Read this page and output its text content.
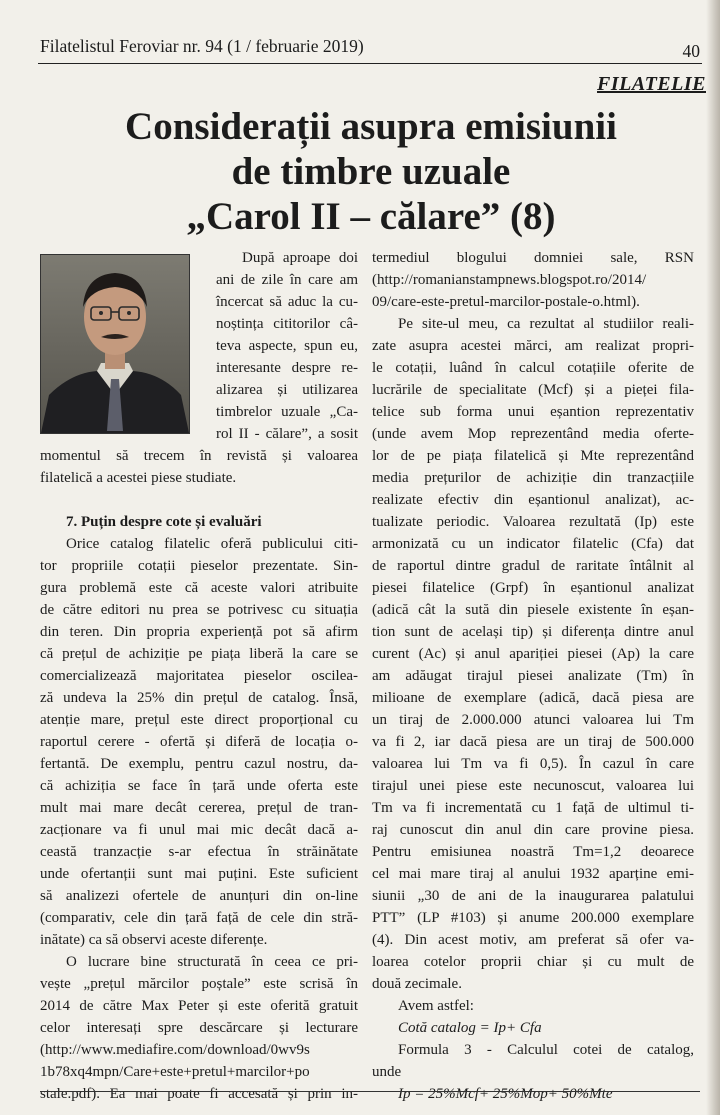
Filatelistul Feroviar nr. 94 (1 / februarie 2019)	40
FILATELIE
Considerații asupra emisiunii
de timbre uzuale
„Carol II – călare” (8)

După aproape doi

ani de zile în care am

încercat să aduc la cu-

noștința cititorilor câ-

teva aspecte, spun eu,

interesante despre re-

alizarea și utilizarea

timbrelor uzuale „Ca-

rol II - călare”, a sosit

momentul să trecem în revistă și valoarea

filatelică a acestei piese studiate.

7. Puțin despre cote și evaluări

Orice catalog filatelic oferă publicului citi-

tor propriile cotații pieselor prezentate. Sin-

gura problemă este că aceste valori atribuite

de către editori nu prea se potrivesc cu situația

din teren. Din propria experiență pot să afirm

că prețul de achiziție pe piața liberă la care se

comercializează majoritatea pieselor oscilea-

ză undeva la 25% din prețul de catalog. Însă,

atenție mare, prețul este direct proporțional cu

raportul cerere - ofertă și diferă de locația o-

fertantă. De exemplu, pentru cazul nostru, da-

că achiziția se face în țară unde oferta este

mult mai mare decât cererea, prețul de tran-

zacționare va fi unul mai mic decât dacă a-

ceastă tranzacție s-ar efectua în străinătate

unde ofertanții sunt mai puțini. Este suficient

să analizezi ofertele de anunțuri din on-line

(comparativ, cele din țară față de cele din stră-

inătate) ca să observi aceste diferențe.

O lucrare bine structurată în ceea ce pri-

vește „prețul mărcilor poștale” este scrisă în

2014 de către Max Peter și este oferită gratuit

celor interesați spre descărcare și lecturare

(http://www.mediafire.com/download/0wv9s

1b78xq4mpn/Care+este+pretul+marcilor+po

stale.pdf). Ea mai poate fi accesată și prin in-

termediul blogului domniei sale, RSN

(http://romanianstampnews.blogspot.ro/2014/

09/care-este-pretul-marcilor-postale-o.html).

Pe site-ul meu, ca rezultat al studiilor reali-

zate asupra acestei mărci, am realizat propri-

le cotații, luând în calcul cotațiile oferite de

lucrările de specialitate (Mcf) și a pieței fila-

telice sub forma unui eșantion reprezentativ

(unde avem Mop reprezentând media oferte-

lor de pe piața filatelică și Mte reprezentând

media prețurilor de achiziție din tranzacțiile

realizate efectiv din eșantionul analizat), ac-

tualizate periodic. Valoarea rezultată (Ip) este

armonizată cu un indicator filatelic (Cfa) dat

de raportul dintre gradul de raritate întâlnit al

piesei filatelice (Grpf) în eșantionul analizat

(adică cât la sută din piesele existente în eșan-

tion sunt de același tip) și diferența dintre anul

curent (Ac) și anul apariției piesei (Ap) la care

am adăugat tirajul piesei analizate (Tm) în

milioane de exemplare (adică, dacă piesa are

un tiraj de 2.000.000 atunci valoarea lui Tm

va fi 2, iar dacă piesa are un tiraj de 500.000

valoarea lui Tm va fi 0,5). În cazul în care

tirajul unei piese este necunoscut, valoarea lui

Tm va fi incrementată cu 1 față de ultimul ti-

raj cunoscut din anul din care provine piesa.

Pentru emisiunea noastră Tm=1,2 deoarece

cel mai mare tiraj al anului 1932 aparține emi-

siunii „30 de ani de la inaugurarea palatului

PTT” (LP #103) și anume 200.000 exemplare

(4). Din acest motiv, am preferat să ofer va-

loarea cotelor proprii chiar și cu mult de

două zecimale.

Avem astfel:

Cotă catalog = Ip+ Cfa

Formula 3 - Calculul cotei de catalog,

unde

Ip = 25%Mcf+ 25%Mop+ 50%Mte
